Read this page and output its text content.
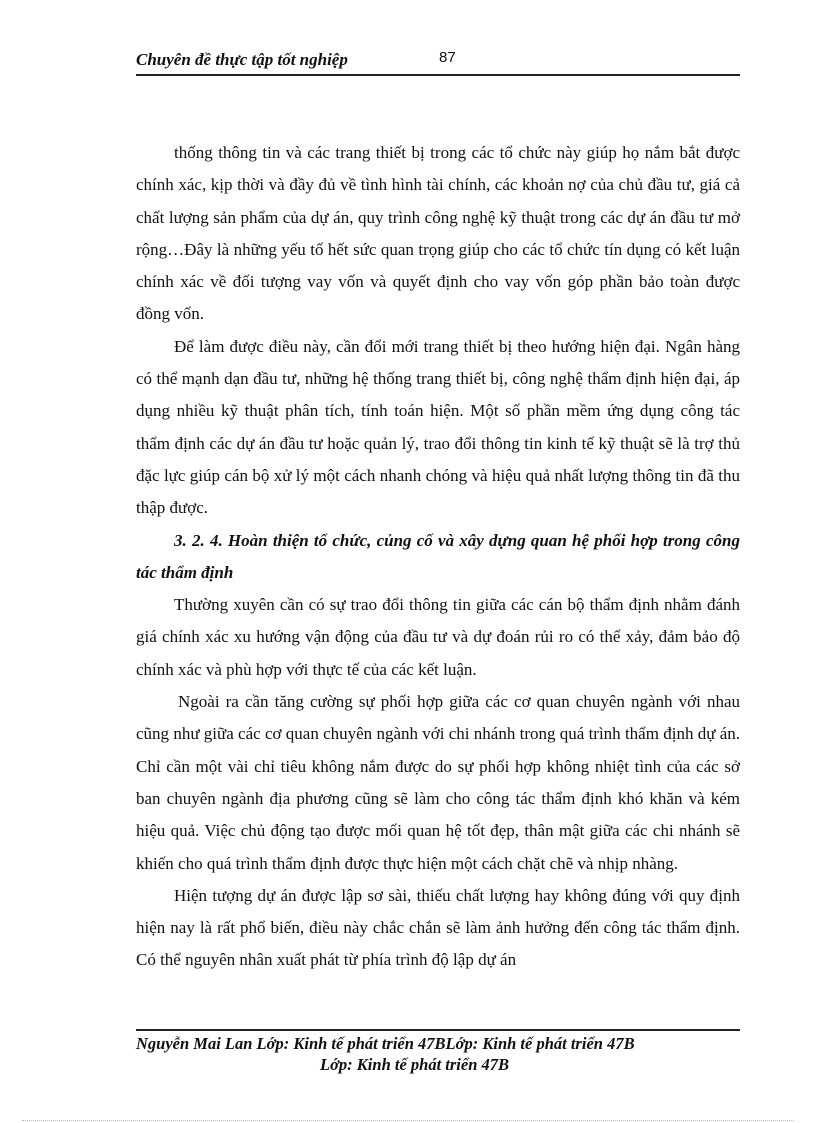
Chuyên đề thực tập tốt nghiệp	87

thống thông tin và các trang thiết bị trong các tổ chức này giúp họ nắm bắt được chính xác, kịp thời và đầy đủ về tình hình tài chính, các khoản nợ của chủ đầu tư, giá cả chất lượng sản phẩm của dự án, quy trình công nghệ kỹ thuật trong các dự án đầu tư mở rộng…Đây là những yếu tố hết sức quan trọng giúp cho các tổ chức tín dụng có kết luận chính xác về đối tượng vay vốn và quyết định cho vay vốn góp phần bảo toàn được đồng vốn.

Để làm được điều này, cần đổi mới trang thiết bị theo hướng hiện đại. Ngân hàng có thể mạnh dạn đầu tư, những hệ thống trang thiết bị, công nghệ thẩm định hiện đại, áp dụng nhiều kỹ thuật phân tích, tính toán hiện. Một số phần mềm ứng dụng công tác thẩm định các dự án đầu tư hoặc quản lý, trao đổi thông tin kinh tế kỹ thuật sẽ là trợ thủ đặc lực giúp cán bộ xử lý một cách nhanh chóng và hiệu quả nhất lượng thông tin đã thu thập được.

3. 2. 4. Hoàn thiện tổ chức, củng cố và xây dựng quan hệ phối hợp trong công tác thẩm định

Thường xuyên cần có sự trao đổi thông tin giữa các cán bộ thẩm định nhằm đánh giá chính xác xu hướng vận động của đầu tư và dự đoán rủi ro có thể xảy, đảm bảo độ chính xác và phù hợp với thực tế của các kết luận.

Ngoài ra cần tăng cường sự phối hợp giữa các cơ quan chuyên ngành với nhau cũng như giữa các cơ quan chuyên ngành với chi nhánh trong quá trình thẩm định dự án. Chỉ cần một vài chỉ tiêu không nắm được do sự phối hợp không nhiệt tình của các sở ban chuyên ngành địa phương cũng sẽ làm cho công tác thẩm định khó khăn và kém hiệu quả. Việc chủ động tạo được mối quan hệ tốt đẹp, thân mật giữa các chi nhánh sẽ khiến cho quá trình thẩm định được thực hiện một cách chặt chẽ và nhịp nhàng.

Hiện tượng dự án được lập sơ sài, thiếu chất lượng hay không đúng với quy định hiện nay là rất phổ biến, điều này chắc chắn sẽ làm ảnh hưởng đến công tác thẩm định. Có thể nguyên nhân xuất phát từ phía trình độ lập dự án

Nguyễn Mai Lan Lớp: Kinh tế phát triển 47BLớp: Kinh tế phát triển 47B
Lớp: Kinh tế phát triển 47B
